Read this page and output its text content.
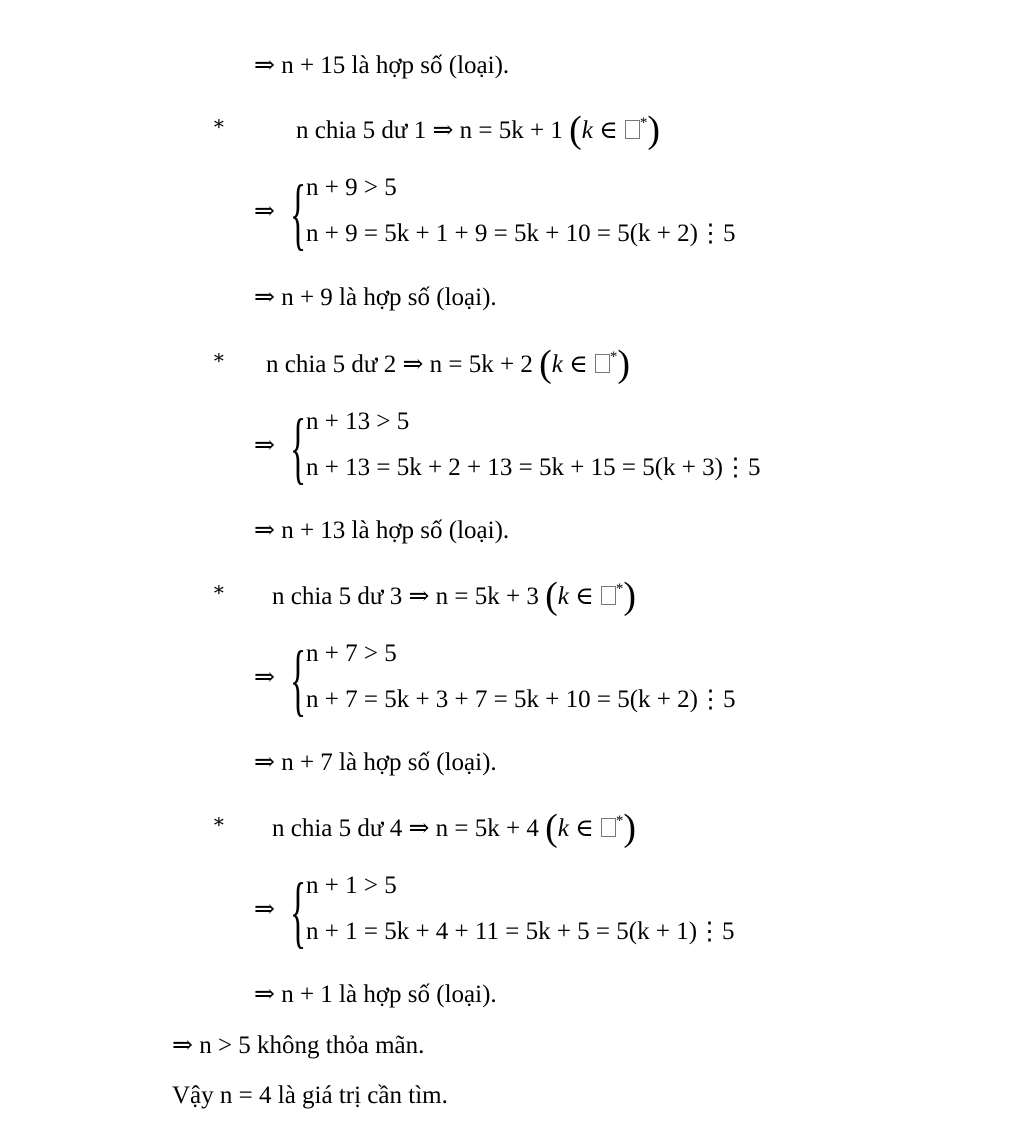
⇒ n + 15 là hợp số (loại).
∗	n chia 5 dư 1 ⇒ n = 5k + 1 (k ∈ *)
⇒ { n + 9 > 5
n + 9 = 5k + 1 + 9 = 5k + 10 = 5(k + 2)⋮5
⇒ n + 9 là hợp số (loại).
∗ n chia 5 dư 2 ⇒ n = 5k + 2 (k ∈ *)
⇒ { n + 13 > 5
n + 13 = 5k + 2 + 13 = 5k + 15 = 5(k + 3)⋮5
⇒ n + 13 là hợp số (loại).
∗ n chia 5 dư 3 ⇒ n = 5k + 3 (k ∈ *)
⇒ { n + 7 > 5
n + 7 = 5k + 3 + 7 = 5k + 10 = 5(k + 2)⋮5
⇒ n + 7 là hợp số (loại).
∗ n chia 5 dư 4 ⇒ n = 5k + 4 (k ∈ *)
⇒ { n + 1 > 5
n + 1 = 5k + 4 + 11 = 5k + 5 = 5(k + 1)⋮5
⇒ n + 1 là hợp số (loại).
⇒ n > 5 không thỏa mãn.
Vậy n = 4 là giá trị cần tìm.
